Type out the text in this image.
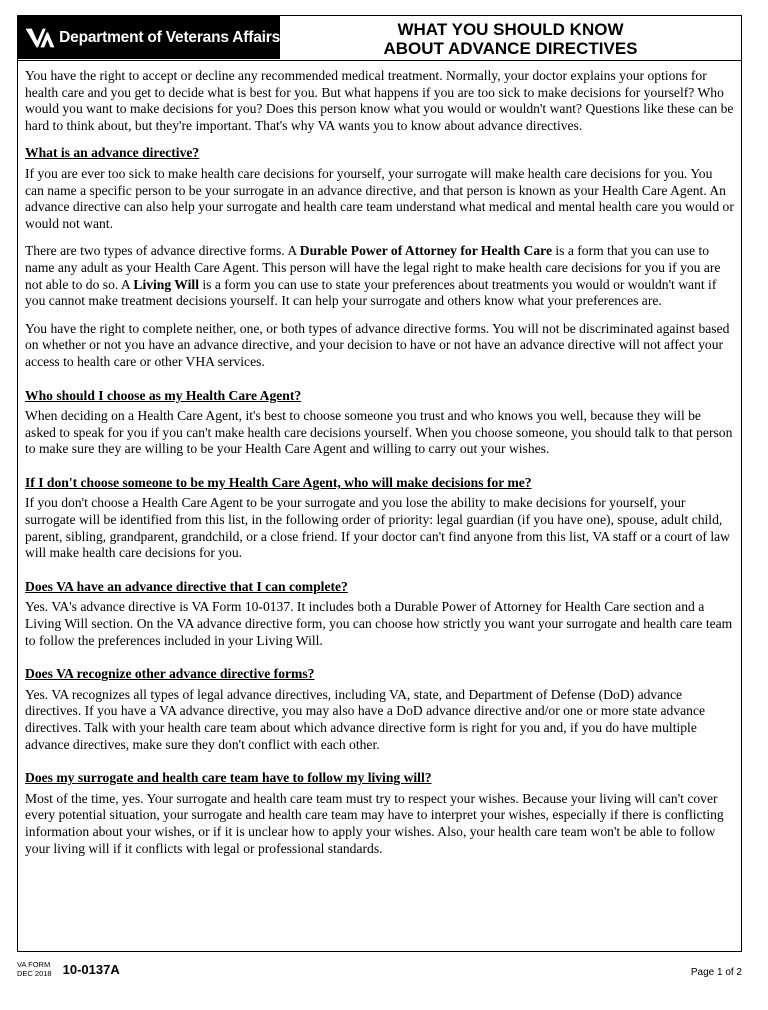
Department of Veterans Affairs	WHAT YOU SHOULD KNOW
ABOUT ADVANCE DIRECTIVES

You have the right to accept or decline any recommended medical treatment. Normally, your doctor explains your options for health care and you get to decide what is best for you. But what happens if you are too sick to make decisions for yourself? Who would you want to make decisions for you? Does this person know what you would or wouldn't want? Questions like these can be hard to think about, but they're important. That's why VA wants you to know about advance directives.

What is an advance directive?

If you are ever too sick to make health care decisions for yourself, your surrogate will make health care decisions for you. You can name a specific person to be your surrogate in an advance directive, and that person is known as your Health Care Agent. An advance directive can also help your surrogate and health care team understand what medical and mental health care you would or would not want.

There are two types of advance directive forms. A Durable Power of Attorney for Health Care is a form that you can use to name any adult as your Health Care Agent. This person will have the legal right to make health care decisions for you if you are not able to do so. A Living Will is a form you can use to state your preferences about treatments you would or wouldn't want if you cannot make treatment decisions yourself. It can help your surrogate and others know what your preferences are.

You have the right to complete neither, one, or both types of advance directive forms. You will not be discriminated against based on whether or not you have an advance directive, and your decision to have or not have an advance directive will not affect your access to health care or other VHA services.

Who should I choose as my Health Care Agent?

When deciding on a Health Care Agent, it's best to choose someone you trust and who knows you well, because they will be asked to speak for you if you can't make health care decisions yourself. When you choose someone, you should talk to that person to make sure they are willing to be your Health Care Agent and willing to carry out your wishes.

If I don't choose someone to be my Health Care Agent, who will make decisions for me?

If you don't choose a Health Care Agent to be your surrogate and you lose the ability to make decisions for yourself, your surrogate will be identified from this list, in the following order of priority: legal guardian (if you have one), spouse, adult child, parent, sibling, grandparent, grandchild, or a close friend. If your doctor can't find anyone from this list, VA staff or a court of law will make health care decisions for you.

Does VA have an advance directive that I can complete?

Yes. VA's advance directive is VA Form 10-0137. It includes both a Durable Power of Attorney for Health Care section and a Living Will section. On the VA advance directive form, you can choose how strictly you want your surrogate and health care team to follow the preferences included in your Living Will.

Does VA recognize other advance directive forms?

Yes. VA recognizes all types of legal advance directives, including VA, state, and Department of Defense (DoD) advance directives. If you have a VA advance directive, you may also have a DoD advance directive and/or one or more state advance directives. Talk with your health care team about which advance directive form is right for you and, if you do have multiple advance directives, make sure they don't conflict with each other.

Does my surrogate and health care team have to follow my living will?

Most of the time, yes. Your surrogate and health care team must try to respect your wishes. Because your living will can't cover every potential situation, your surrogate and health care team may have to interpret your wishes, especially if there is conflicting information about your wishes, or if it is unclear how to apply your wishes. Also, your health care team won't be able to follow your living will if it conflicts with legal or professional standards.

VA FORM
DEC 2018 10-0137A	Page 1 of 2
